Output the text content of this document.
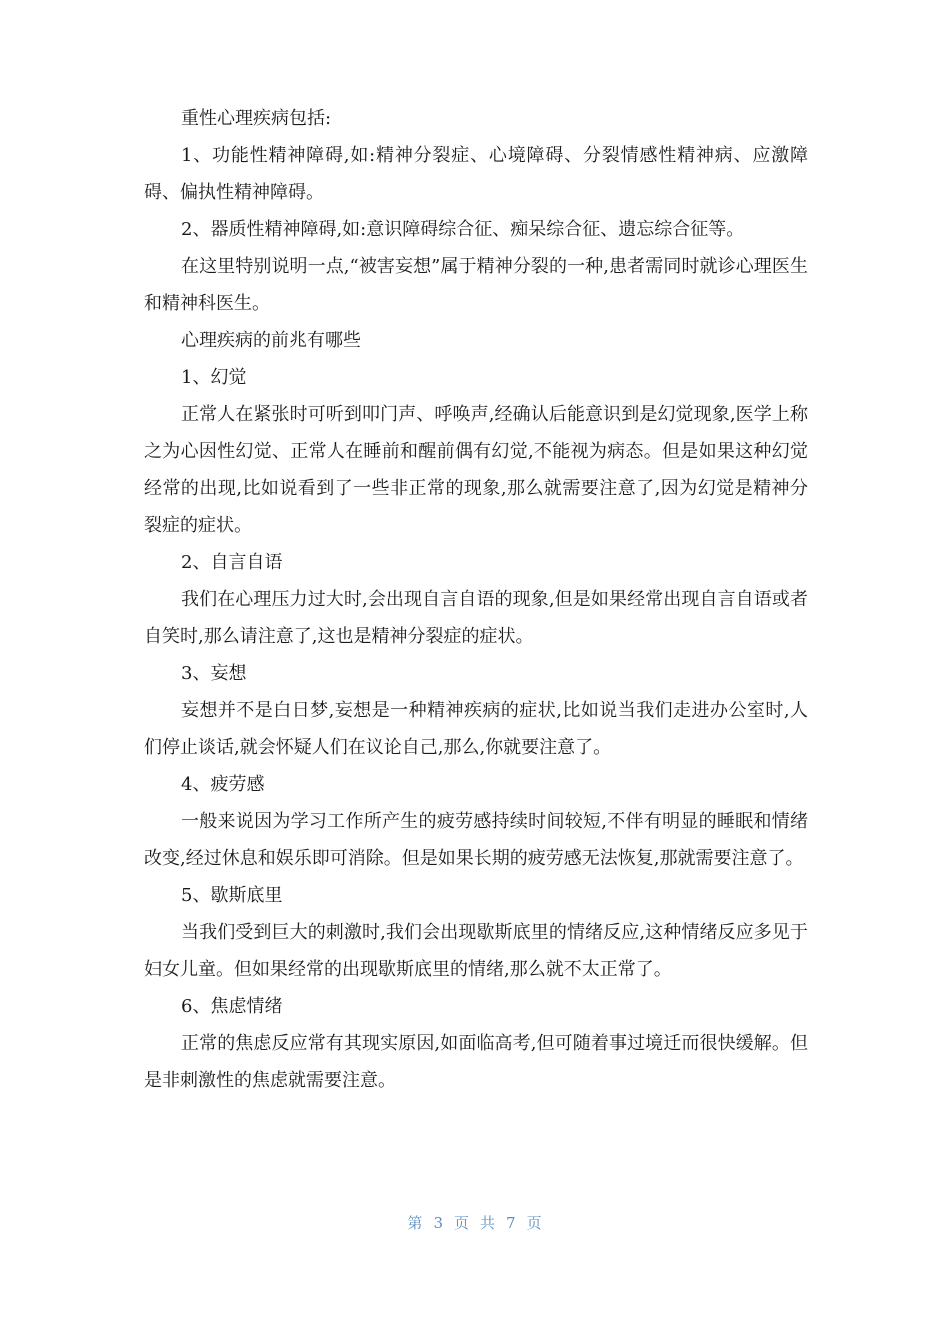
重性心理疾病包括:

1、功能性精神障碍,如:精神分裂症、心境障碍、分裂情感性精神病、应激障碍、偏执性精神障碍。

2、器质性精神障碍,如:意识障碍综合征、痴呆综合征、遗忘综合征等。

在这里特别说明一点,“被害妄想”属于精神分裂的一种,患者需同时就诊心理医生和精神科医生。

心理疾病的前兆有哪些

1、幻觉

正常人在紧张时可听到叩门声、呼唤声,经确认后能意识到是幻觉现象,医学上称之为心因性幻觉、正常人在睡前和醒前偶有幻觉,不能视为病态。但是如果这种幻觉经常的出现,比如说看到了一些非正常的现象,那么就需要注意了,因为幻觉是精神分裂症的症状。

2、自言自语

我们在心理压力过大时,会出现自言自语的现象,但是如果经常出现自言自语或者自笑时,那么请注意了,这也是精神分裂症的症状。

3、妄想

妄想并不是白日梦,妄想是一种精神疾病的症状,比如说当我们走进办公室时,人们停止谈话,就会怀疑人们在议论自己,那么,你就要注意了。

4、疲劳感

一般来说因为学习工作所产生的疲劳感持续时间较短,不伴有明显的睡眠和情绪改变,经过休息和娱乐即可消除。但是如果长期的疲劳感无法恢复,那就需要注意了。

5、歇斯底里

当我们受到巨大的刺激时,我们会出现歇斯底里的情绪反应,这种情绪反应多见于妇女儿童。但如果经常的出现歇斯底里的情绪,那么就不太正常了。

6、焦虑情绪

正常的焦虑反应常有其现实原因,如面临高考,但可随着事过境迁而很快缓解。但是非刺激性的焦虑就需要注意。

第 3 页 共 7 页
